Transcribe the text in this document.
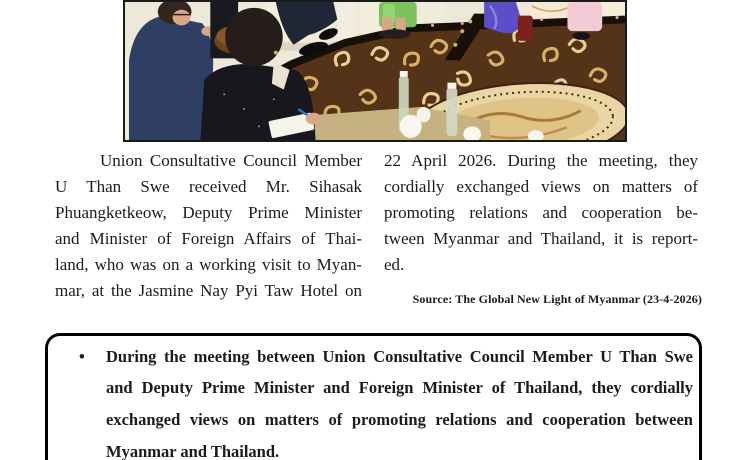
Union Consultative Council Member
U Than Swe received Mr. Sihasak
Phuangketkeow, Deputy Prime Minister
and Minister of Foreign Affairs of Thai-
land, who was on a working visit to Myan-
mar, at the Jasmine Nay Pyi Taw Hotel on
22 April 2026. During the meeting, they
cordially exchanged views on matters of
promoting relations and cooperation be-
tween Myanmar and Thailand, it is report-
ed.
Source: The Global New Light of Myanmar (23-4-2026)
•	During the meeting between Union Consultative Council Member U Than Swe
and Deputy Prime Minister and Foreign Minister of Thailand, they cordially
exchanged views on matters of promoting relations and cooperation between
Myanmar and Thailand.
